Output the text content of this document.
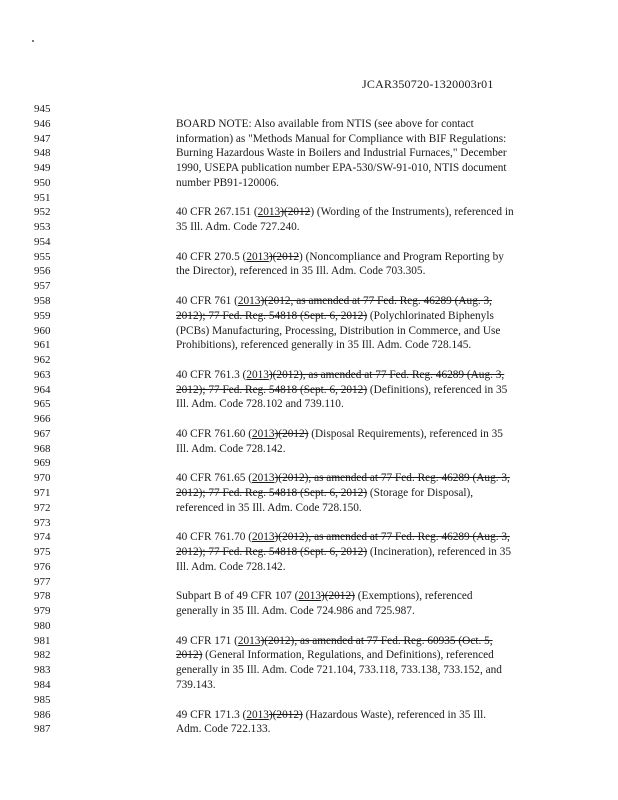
JCAR350720-1320003r01
945
946	BOARD NOTE: Also available from NTIS (see above for contact
947	information) as "Methods Manual for Compliance with BIF Regulations:
948	Burning Hazardous Waste in Boilers and Industrial Furnaces," December
949	1990, USEPA publication number EPA-530/SW-91-010, NTIS document
950	number PB91-120006.
951
952	40 CFR 267.151 (2013)(2012) (Wording of the Instruments), referenced in
953	35 Ill. Adm. Code 727.240.
954
955	40 CFR 270.5 (2013)(2012) (Noncompliance and Program Reporting by
956	the Director), referenced in 35 Ill. Adm. Code 703.305.
957
958	40 CFR 761 (2013)(2012, as amended at 77 Fed. Reg. 46289 (Aug. 3,
959	2012); 77 Fed. Reg. 54818 (Sept. 6, 2012) (Polychlorinated Biphenyls
960	(PCBs) Manufacturing, Processing, Distribution in Commerce, and Use
961	Prohibitions), referenced generally in 35 Ill. Adm. Code 728.145.
962
963	40 CFR 761.3 (2013)(2012), as amended at 77 Fed. Reg. 46289 (Aug. 3,
964	2012); 77 Fed. Reg. 54818 (Sept. 6, 2012) (Definitions), referenced in 35
965	Ill. Adm. Code 728.102 and 739.110.
966
967	40 CFR 761.60 (2013)(2012) (Disposal Requirements), referenced in 35
968	Ill. Adm. Code 728.142.
969
970	40 CFR 761.65 (2013)(2012), as amended at 77 Fed. Reg. 46289 (Aug. 3,
971	2012); 77 Fed. Reg. 54818 (Sept. 6, 2012) (Storage for Disposal),
972	referenced in 35 Ill. Adm. Code 728.150.
973
974	40 CFR 761.70 (2013)(2012), as amended at 77 Fed. Reg. 46289 (Aug. 3,
975	2012); 77 Fed. Reg. 54818 (Sept. 6, 2012) (Incineration), referenced in 35
976	Ill. Adm. Code 728.142.
977
978	Subpart B of 49 CFR 107 (2013)(2012) (Exemptions), referenced
979	generally in 35 Ill. Adm. Code 724.986 and 725.987.
980
981	49 CFR 171 (2013)(2012), as amended at 77 Fed. Reg. 60935 (Oct. 5,
982	2012) (General Information, Regulations, and Definitions), referenced
983	generally in 35 Ill. Adm. Code 721.104, 733.118, 733.138, 733.152, and
984	739.143.
985
986	49 CFR 171.3 (2013)(2012) (Hazardous Waste), referenced in 35 Ill.
987	Adm. Code 722.133.
